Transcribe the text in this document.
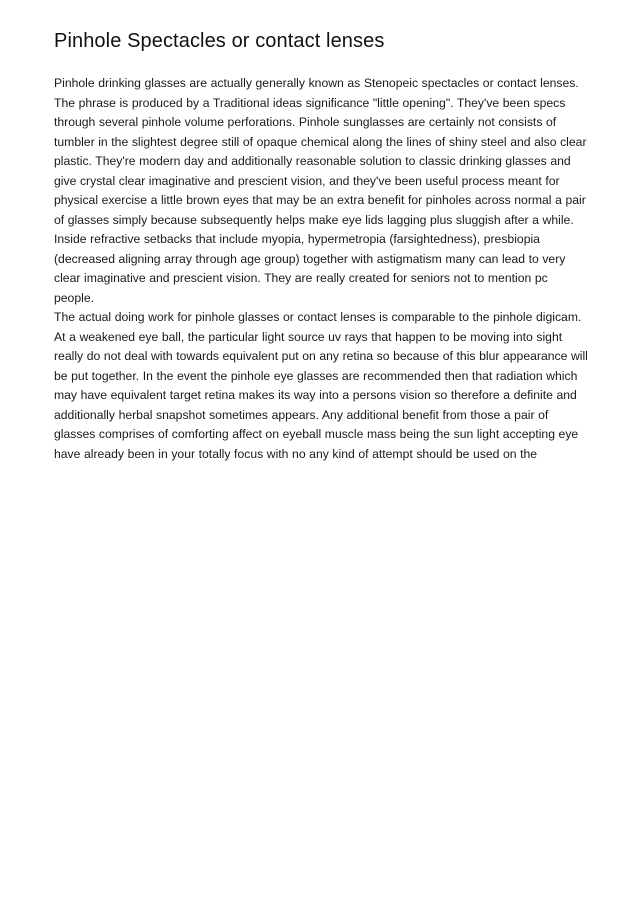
Pinhole Spectacles or contact lenses

Pinhole drinking glasses are actually generally known as Stenopeic spectacles or contact lenses. The phrase is produced by a Traditional ideas significance "little opening". They've been specs through several pinhole volume perforations. Pinhole sunglasses are certainly not consists of tumbler in the slightest degree still of opaque chemical along the lines of shiny steel and also clear plastic. They're modern day and additionally reasonable solution to classic drinking glasses and give crystal clear imaginative and prescient vision, and they've been useful process meant for physical exercise a little brown eyes that may be an extra benefit for pinholes across normal a pair of glasses simply because subsequently helps make eye lids lagging plus sluggish after a while. Inside refractive setbacks that include myopia, hypermetropia (farsightedness), presbiopia (decreased aligning array through age group) together with astigmatism many can lead to very clear imaginative and prescient vision. They are really created for seniors not to mention pc people.

The actual doing work for pinhole glasses or contact lenses is comparable to the pinhole digicam. At a weakened eye ball, the particular light source uv rays that happen to be moving into sight really do not deal with towards equivalent put on any retina so because of this blur appearance will be put together. In the event the pinhole eye glasses are recommended then that radiation which may have equivalent target retina makes its way into a persons vision so therefore a definite and additionally herbal snapshot sometimes appears. Any additional benefit from those a pair of glasses comprises of comforting affect on eyeball muscle mass being the sun light accepting eye have already been in your totally focus with no any kind of attempt should be used on the
